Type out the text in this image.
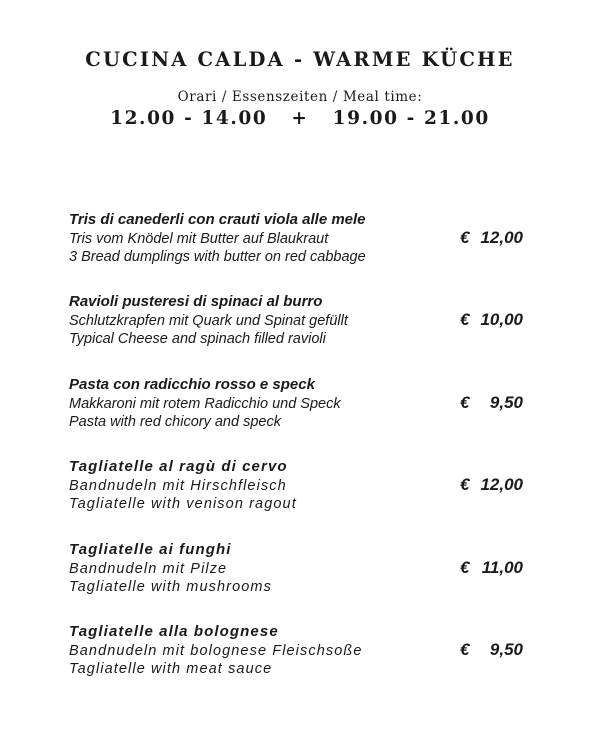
CUCINA CALDA - WARME KÜCHE
Orari / Essenszeiten / Meal time:
12.00 - 14.00   +   19.00 - 21.00
Tris di canederli con crauti viola alle mele
Tris vom Knödel mit Butter auf Blaukraut
3 Bread dumplings with butter on red cabbage
€ 12,00
Ravioli pusteresi di spinaci al burro
Schlutzkrapfen mit Quark und Spinat gefüllt
Typical Cheese and spinach filled ravioli
€ 10,00
Pasta con radicchio rosso e speck
Makkaroni mit rotem Radicchio und Speck
Pasta with red chicory and speck
€ 9,50
Tagliatelle al ragù di cervo
Bandnudeln mit Hirschfleisch
Tagliatelle with venison ragout
€ 12,00
Tagliatelle ai funghi
Bandnudeln mit Pilze
Tagliatelle with mushrooms
€ 11,00
Tagliatelle alla bolognese
Bandnudeln mit bolognese Fleischsoße
Tagliatelle with meat sauce
€ 9,50
